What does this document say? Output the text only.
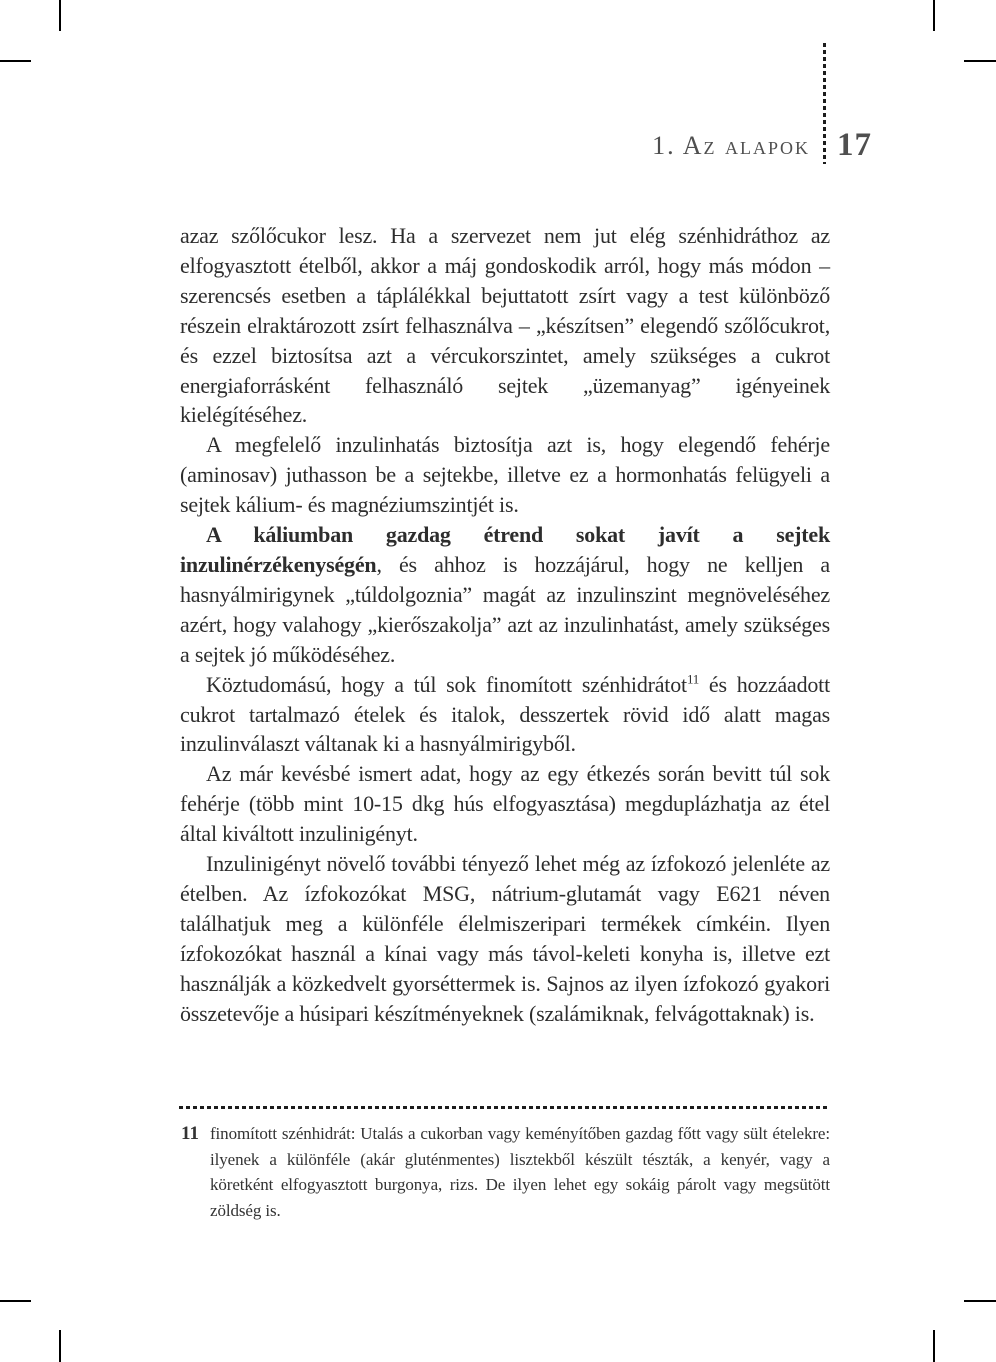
1. Az alapok 17

azaz szőlőcukor lesz. Ha a szervezet nem jut elég szénhidráthoz az elfogyasztott ételből, akkor a máj gondoskodik arról, hogy más módon – szerencsés esetben a táplálékkal bejuttatott zsírt vagy a test különböző részein elraktározott zsírt felhasználva – „készítsen” elegendő szőlőcukrot, és ezzel biztosítsa azt a vércukorszintet, amely szükséges a cukrot energiaforrásként felhasználó sejtek „üzemanyag” igényeinek kielégítéséhez.

A megfelelő inzulinhatás biztosítja azt is, hogy elegendő fehérje (aminosav) juthasson be a sejtekbe, illetve ez a hormonhatás felügyeli a sejtek kálium- és magnéziumszintjét is.

A káliumban gazdag étrend sokat javít a sejtek inzulinérzékenységén, és ahhoz is hozzájárul, hogy ne kelljen a hasnyálmirigynek „túldolgoznia” magát az inzulinszint megnöveléséhez azért, hogy valahogy „kierőszakolja” azt az inzulinhatást, amely szükséges a sejtek jó működéséhez.

Köztudomású, hogy a túl sok finomított szénhidrátot$^{11}$ és hozzáadott cukrot tartalmazó ételek és italok, desszertek rövid idő alatt magas inzulinválaszt váltanak ki a hasnyálmirigyből.

Az már kevésbé ismert adat, hogy az egy étkezés során bevitt túl sok fehérje (több mint 10-15 dkg hús elfogyasztása) megduplázhatja az étel által kiváltott inzulinigényt.

Inzulinigényt növelő további tényező lehet még az ízfokozó jelenléte az ételben. Az ízfokozókat MSG, nátrium-glutamát vagy E621 néven találhatjuk meg a különféle élelmiszeripari termékek címkéin. Ilyen ízfokozókat használ a kínai vagy más távol-keleti konyha is, illetve ezt használják a közkedvelt gyorséttermek is. Sajnos az ilyen ízfokozó gyakori összetevője a húsipari készítményeknek (szalámiknak, felvágottaknak) is.

11 finomított szénhidrát: Utalás a cukorban vagy keményítőben gazdag főtt vagy sült ételekre: ilyenek a különféle (akár gluténmentes) lisztekből készült tészták, a kenyér, vagy a köretként elfogyasztott burgonya, rizs. De ilyen lehet egy sokáig párolt vagy megsütött zöldség is.
